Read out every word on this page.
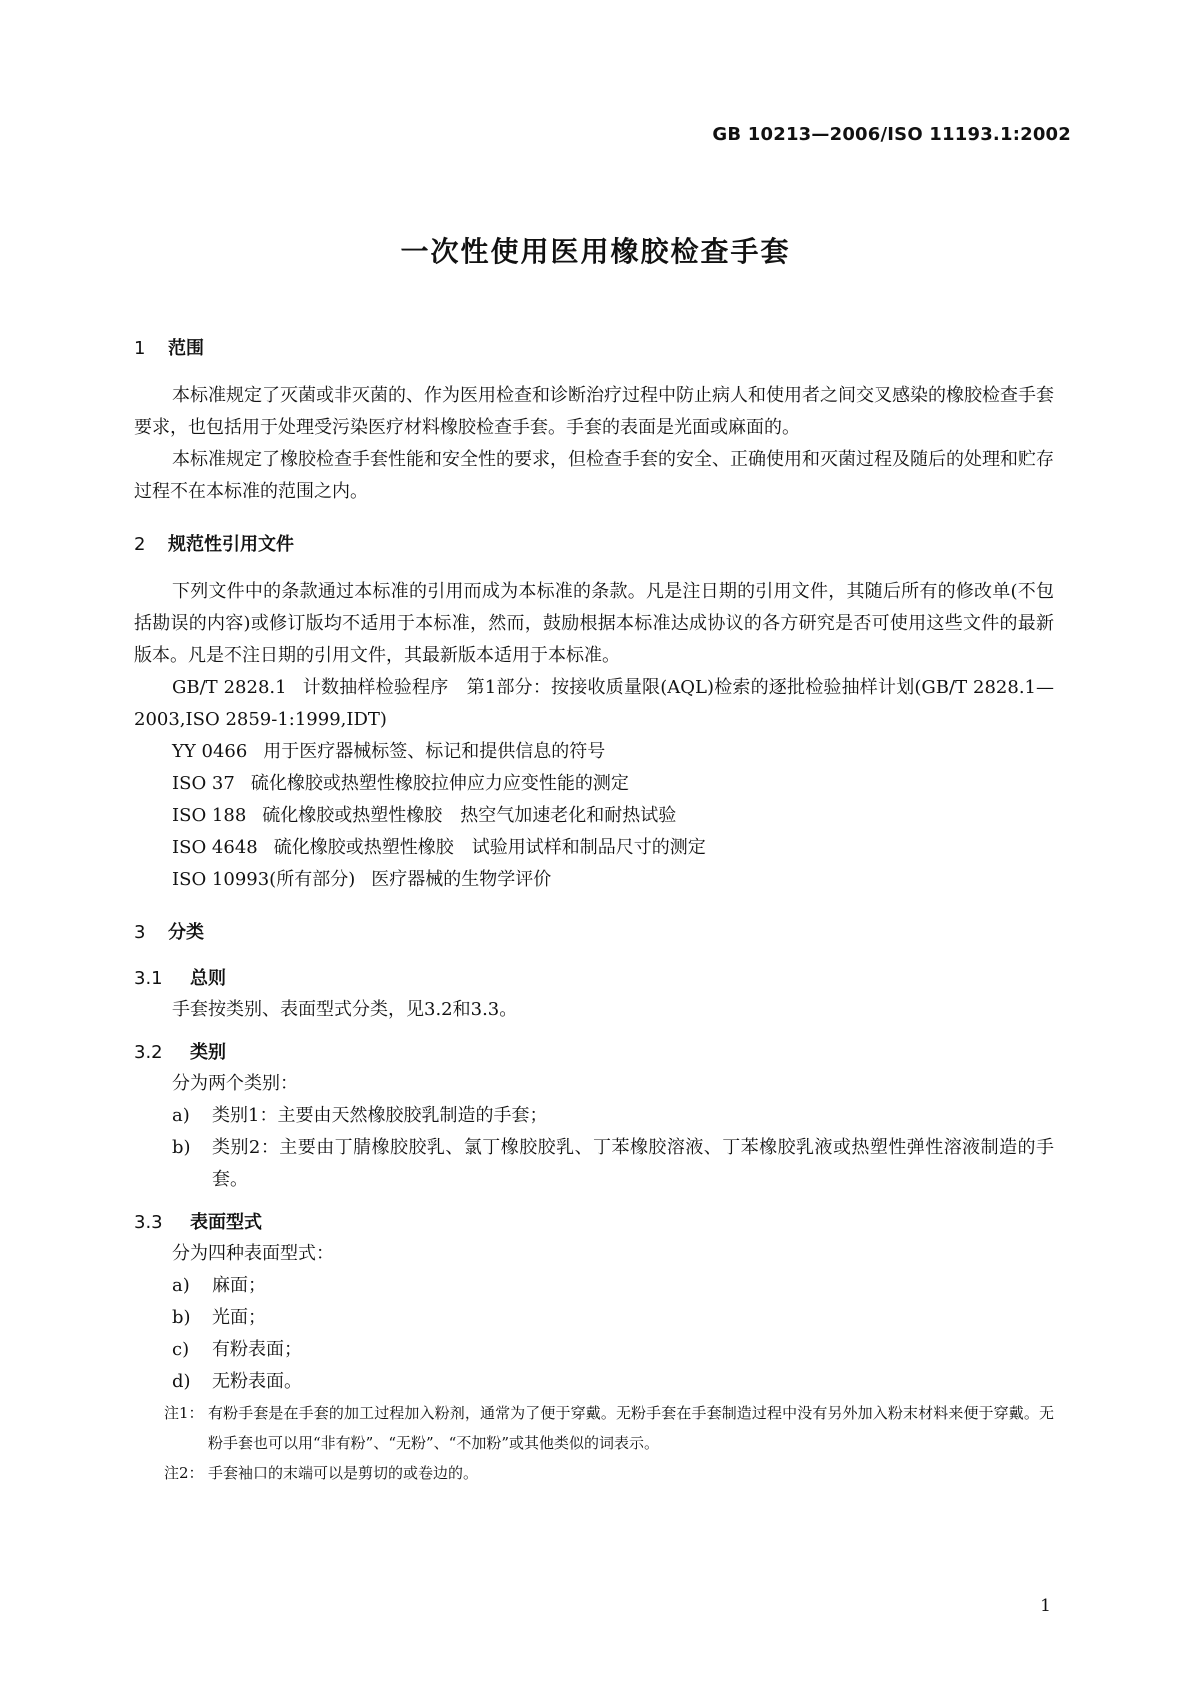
GB 10213—2006/ISO 11193.1:2002
一次性使用医用橡胶检查手套
1	范围

本标准规定了灭菌或非灭菌的、作为医用检查和诊断治疗过程中防止病人和使用者之间交叉感染的橡胶检查手套要求，也包括用于处理受污染医疗材料橡胶检查手套。手套的表面是光面或麻面的。

本标准规定了橡胶检查手套性能和安全性的要求，但检查手套的安全、正确使用和灭菌过程及随后的处理和贮存过程不在本标准的范围之内。

2	规范性引用文件

下列文件中的条款通过本标准的引用而成为本标准的条款。凡是注日期的引用文件，其随后所有的修改单(不包括勘误的内容)或修订版均不适用于本标准，然而，鼓励根据本标准达成协议的各方研究是否可使用这些文件的最新版本。凡是不注日期的引用文件，其最新版本适用于本标准。

GB/T 2828.1 计数抽样检验程序　第1部分：按接收质量限(AQL)检索的逐批检验抽样计划(GB/T 2828.1—2003,ISO 2859-1:1999,IDT)

YY 0466 用于医疗器械标签、标记和提供信息的符号

ISO 37 硫化橡胶或热塑性橡胶拉伸应力应变性能的测定

ISO 188 硫化橡胶或热塑性橡胶　热空气加速老化和耐热试验

ISO 4648 硫化橡胶或热塑性橡胶　试验用试样和制品尺寸的测定

ISO 10993(所有部分) 医疗器械的生物学评价

3	分类
3.1	总则

手套按类别、表面型式分类，见3.2和3.3。

3.2	类别

分为两个类别：

a)	类别1：主要由天然橡胶胶乳制造的手套；
b)	类别2：主要由丁腈橡胶胶乳、氯丁橡胶胶乳、丁苯橡胶溶液、丁苯橡胶乳液或热塑性弹性溶液制造的手套。
3.3	表面型式

分为四种表面型式：

a)	麻面；
b)	光面；
c)	有粉表面；
d)	无粉表面。
注1： 有粉手套是在手套的加工过程加入粉剂，通常为了便于穿戴。无粉手套在手套制造过程中没有另外加入粉末材料来便于穿戴。无粉手套也可以用“非有粉”、“无粉”、“不加粉”或其他类似的词表示。
注2： 手套袖口的末端可以是剪切的或卷边的。
1
